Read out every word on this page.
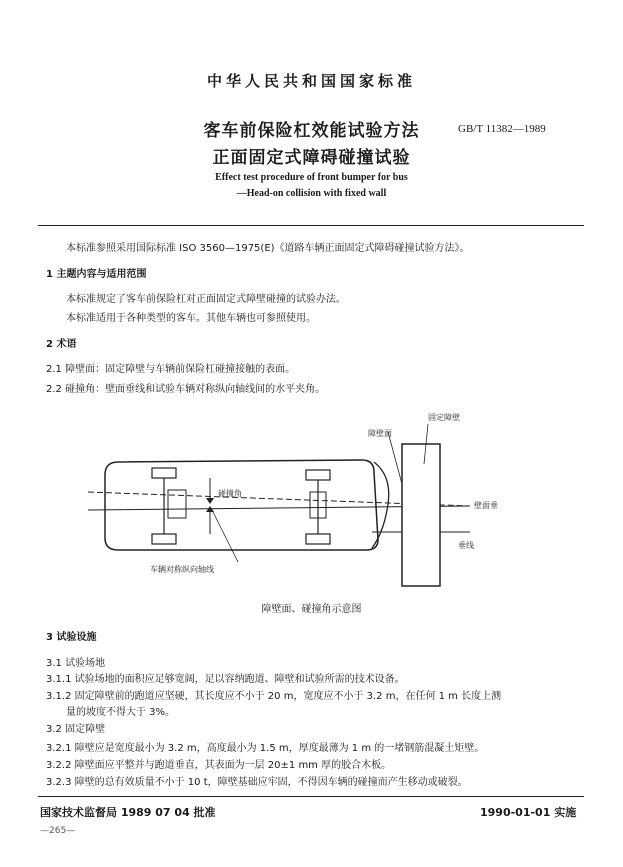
中华人民共和国国家标准
客车前保险杠效能试验方法
正面固定式障碍碰撞试验
GB/T 11382—1989
Effect test procedure of front bumper for bus
—Head-on collision with fixed wall
本标准参照采用国际标准 ISO 3560—1975(E)《道路车辆正面固定式障碍碰撞试验方法》。
1 主题内容与适用范围
本标准规定了客车前保险杠对正面固定式障壁碰撞的试验办法。
本标准适用于各种类型的客车。其他车辆也可参照使用。
2 术语
2.1 障壁面：固定障壁与车辆前保险杠碰撞接触的表面。
2.2 碰撞角：壁面垂线和试验车辆对称纵向轴线间的水平夹角。
固定障壁
障壁面
碰撞角
壁面垂
垂线
车辆对称纵向轴线
障壁面、碰撞角示意图
3 试验设施
3.1 试验场地
3.1.1 试验场地的面积应足够宽阔，足以容纳跑道、障壁和试验所需的技术设备。
3.1.2 固定障壁前的跑道应坚硬，其长度应不小于 20 m，宽度应不小于 3.2 m，在任何 1 m 长度上测
量的坡度不得大于 3%。
3.2 固定障壁
3.2.1 障壁应是宽度最小为 3.2 m，高度最小为 1.5 m，厚度最薄为 1 m 的一堵钢筋混凝土矩壁。
3.2.2 障壁面应平整并与跑道垂直，其表面为一层 20±1 mm 厚的胶合木板。
3.2.3 障壁的总有效质量不小于 10 t，障壁基础应牢固，不得因车辆的碰撞而产生移动或破裂。
国家技术监督局 1989 07 04 批准	1990-01-01 实施
—265—
